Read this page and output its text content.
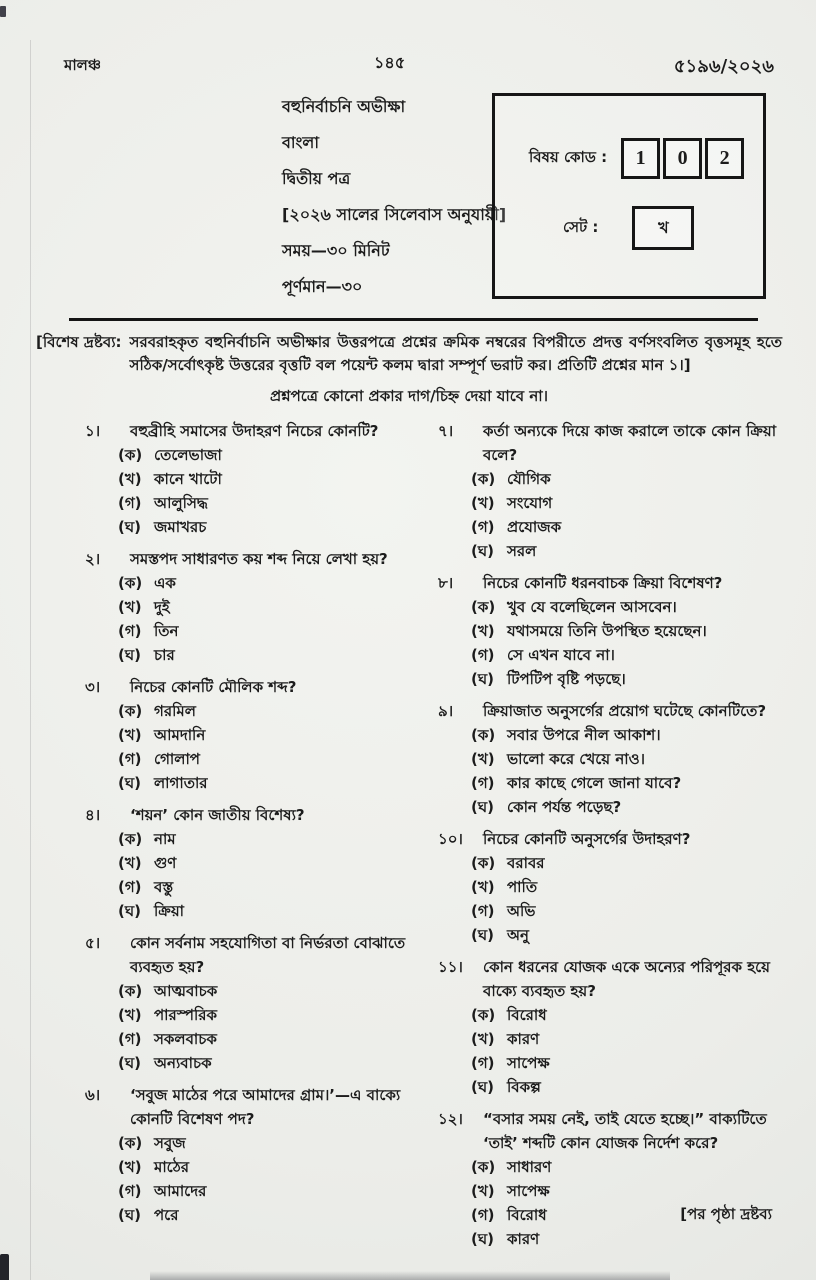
মালঞ্চ	১৪৫	৫১৯৬/২০২৬
বহুনির্বাচনি অভীক্ষা
বাংলা
দ্বিতীয় পত্র
[২০২৬ সালের সিলেবাস অনুযায়ী]
সময়—৩০ মিনিট
পূর্ণমান—৩০
বিষয় কোড :	1	0	2
সেট :	খ
[বিশেষ দ্রষ্টব্য: সরবরাহকৃত বহুনির্বাচনি অভীক্ষার উত্তরপত্রে প্রশ্নের ক্রমিক নম্বরের বিপরীতে প্রদত্ত বর্ণসংবলিত বৃত্তসমূহ হতে সঠিক/সর্বোৎকৃষ্ট উত্তরের বৃত্তটি বল পয়েন্ট কলম দ্বারা সম্পূর্ণ ভরাট কর। প্রতিটি প্রশ্নের মান ১।]
প্রশ্নপত্রে কোনো প্রকার দাগ/চিহ্ন দেয়া যাবে না।
১।	বহুব্রীহি সমাসের উদাহরণ নিচের কোনটি?
(ক) তেলেভাজা
(খ) কানে খাটো
(গ) আলুসিদ্ধ
(ঘ) জমাখরচ
২।	সমস্তপদ সাধারণত কয় শব্দ নিয়ে লেখা হয়?
(ক) এক
(খ) দুই
(গ) তিন
(ঘ) চার
৩।	নিচের কোনটি মৌলিক শব্দ?
(ক) গরমিল
(খ) আমদানি
(গ) গোলাপ
(ঘ) লাগাতার
৪।	‘শয়ন’ কোন জাতীয় বিশেষ্য?
(ক) নাম
(খ) গুণ
(গ) বস্তু
(ঘ) ক্রিয়া
৫।	কোন সর্বনাম সহযোগিতা বা নির্ভরতা বোঝাতে ব্যবহৃত হয়?
(ক) আত্মবাচক
(খ) পারস্পরিক
(গ) সকলবাচক
(ঘ) অন্যবাচক
৬।	‘সবুজ মাঠের পরে আমাদের গ্রাম।’—এ বাক্যে কোনটি বিশেষণ পদ?
(ক) সবুজ
(খ) মাঠের
(গ) আমাদের
(ঘ) পরে
৭।	কর্তা অন্যকে দিয়ে কাজ করালে তাকে কোন ক্রিয়া বলে?
(ক) যৌগিক
(খ) সংযোগ
(গ) প্রযোজক
(ঘ) সরল
৮।	নিচের কোনটি ধরনবাচক ক্রিয়া বিশেষণ?
(ক) খুব যে বলেছিলেন আসবেন।
(খ) যথাসময়ে তিনি উপস্থিত হয়েছেন।
(গ) সে এখন যাবে না।
(ঘ) টিপটিপ বৃষ্টি পড়ছে।
৯।	ক্রিয়াজাত অনুসর্গের প্রয়োগ ঘটেছে কোনটিতে?
(ক) সবার উপরে নীল আকাশ।
(খ) ভালো করে খেয়ে নাও।
(গ) কার কাছে গেলে জানা যাবে?
(ঘ) কোন পর্যন্ত পড়েছ?
১০।	নিচের কোনটি অনুসর্গের উদাহরণ?
(ক) বরাবর
(খ) পাতি
(গ) অভি
(ঘ) অনু
১১।	কোন ধরনের যোজক একে অন্যের পরিপূরক হয়ে বাক্যে ব্যবহৃত হয়?
(ক) বিরোধ
(খ) কারণ
(গ) সাপেক্ষ
(ঘ) বিকল্প
১২।	“বসার সময় নেই, তাই যেতে হচ্ছে।” বাক্যটিতে ‘তাই’ শব্দটি কোন যোজক নির্দেশ করে?
(ক) সাধারণ
(খ) সাপেক্ষ
(গ) বিরোধ
(ঘ) কারণ
[পর পৃষ্ঠা দ্রষ্টব্য
